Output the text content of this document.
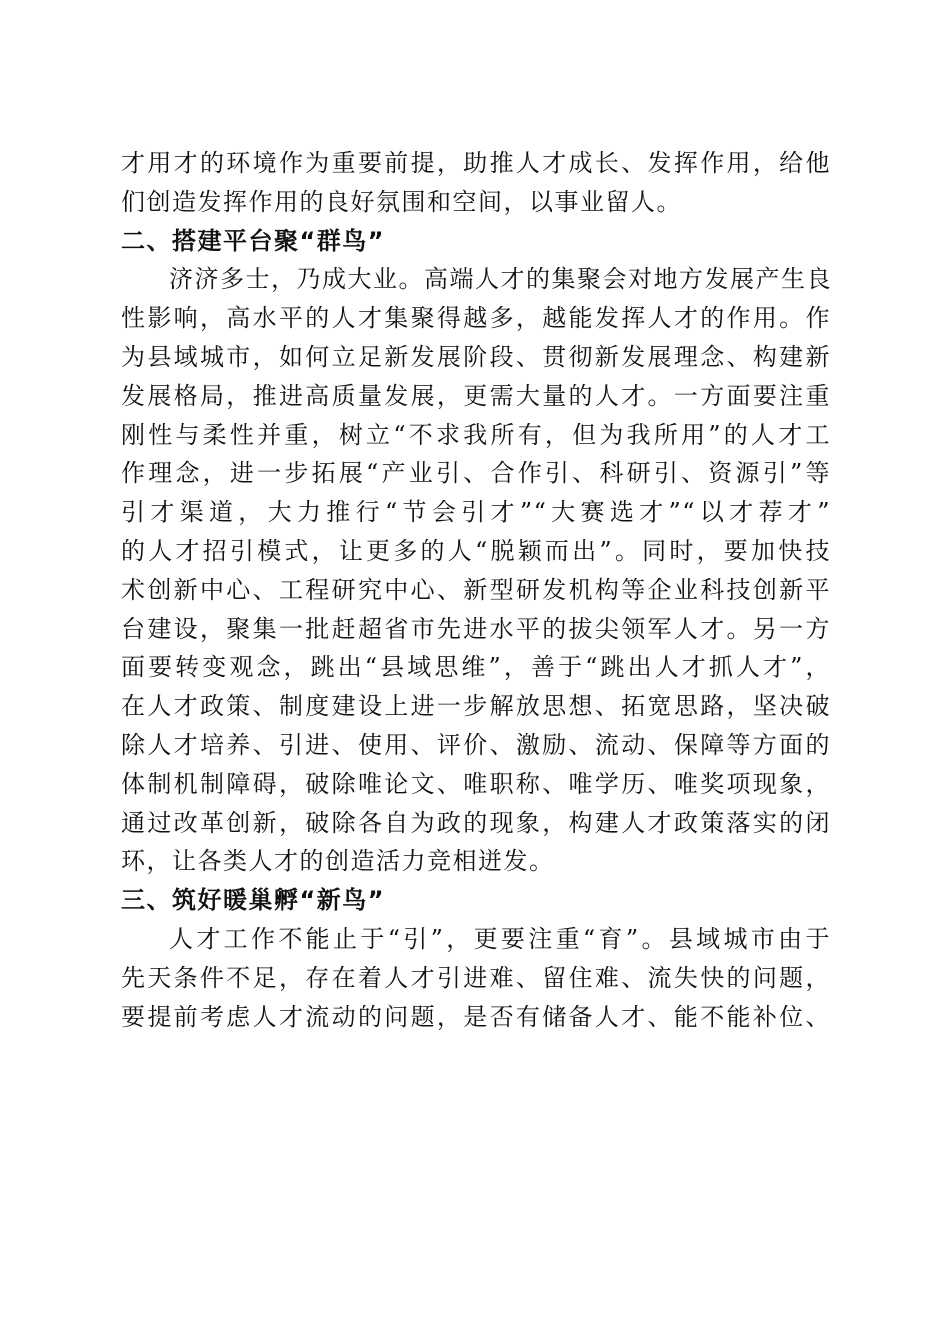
才用才的环境作为重要前提，助推人才成长、发挥作用，给他
们创造发挥作用的良好氛围和空间，以事业留人。

二、搭建平台聚“群鸟”

济济多士，乃成大业。高端人才的集聚会对地方发展产生良
性影响，高水平的人才集聚得越多，越能发挥人才的作用。作
为县域城市，如何立足新发展阶段、贯彻新发展理念、构建新
发展格局，推进高质量发展，更需大量的人才。一方面要注重
刚性与柔性并重，树立“不求我所有，但为我所用”的人才工
作理念，进一步拓展“产业引、合作引、科研引、资源引”等
引才渠道，大力推行“节会引才”“大赛选才”“以才荐才”
的人才招引模式，让更多的人“脱颖而出”。同时，要加快技
术创新中心、工程研究中心、新型研发机构等企业科技创新平
台建设，聚集一批赶超省市先进水平的拔尖领军人才。另一方
面要转变观念，跳出“县域思维”，善于“跳出人才抓人才”，
在人才政策、制度建设上进一步解放思想、拓宽思路，坚决破
除人才培养、引进、使用、评价、激励、流动、保障等方面的
体制机制障碍，破除唯论文、唯职称、唯学历、唯奖项现象，
通过改革创新，破除各自为政的现象，构建人才政策落实的闭
环，让各类人才的创造活力竞相迸发。

三、筑好暖巢孵“新鸟”

人才工作不能止于“引”，更要注重“育”。县域城市由于
先天条件不足，存在着人才引进难、留住难、流失快的问题，
要提前考虑人才流动的问题，是否有储备人才、能不能补位、
